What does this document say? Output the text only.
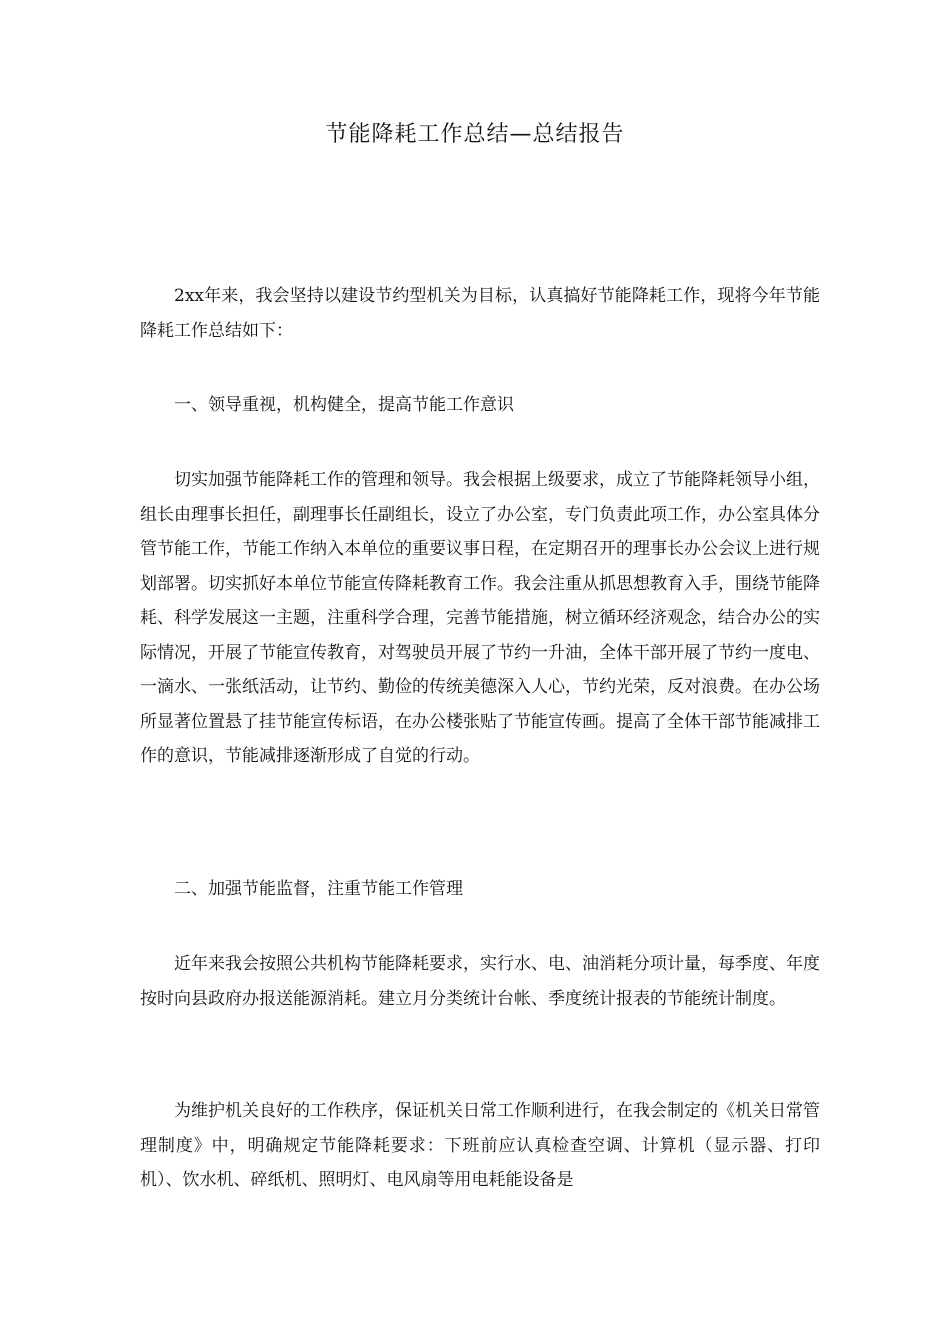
节能降耗工作总结—总结报告

2xx年来，我会坚持以建设节约型机关为目标，认真搞好节能降耗工作，现将今年节能降耗工作总结如下：

一、领导重视，机构健全，提高节能工作意识

切实加强节能降耗工作的管理和领导。我会根据上级要求，成立了节能降耗领导小组，组长由理事长担任，副理事长任副组长，设立了办公室，专门负责此项工作，办公室具体分管节能工作，节能工作纳入本单位的重要议事日程，在定期召开的理事长办公会议上进行规划部署。切实抓好本单位节能宣传降耗教育工作。我会注重从抓思想教育入手，围绕节能降耗、科学发展这一主题，注重科学合理，完善节能措施，树立循环经济观念，结合办公的实际情况，开展了节能宣传教育，对驾驶员开展了节约一升油，全体干部开展了节约一度电、一滴水、一张纸活动，让节约、勤俭的传统美德深入人心，节约光荣，反对浪费。在办公场所显著位置悬了挂节能宣传标语，在办公楼张贴了节能宣传画。提高了全体干部节能减排工作的意识，节能减排逐渐形成了自觉的行动。

二、加强节能监督，注重节能工作管理

近年来我会按照公共机构节能降耗要求，实行水、电、油消耗分项计量，每季度、年度按时向县政府办报送能源消耗。建立月分类统计台帐、季度统计报表的节能统计制度。

为维护机关良好的工作秩序，保证机关日常工作顺利进行，在我会制定的《机关日常管理制度》中，明确规定节能降耗要求：下班前应认真检查空调、计算机（显示器、打印机）、饮水机、碎纸机、照明灯、电风扇等用电耗能设备是
